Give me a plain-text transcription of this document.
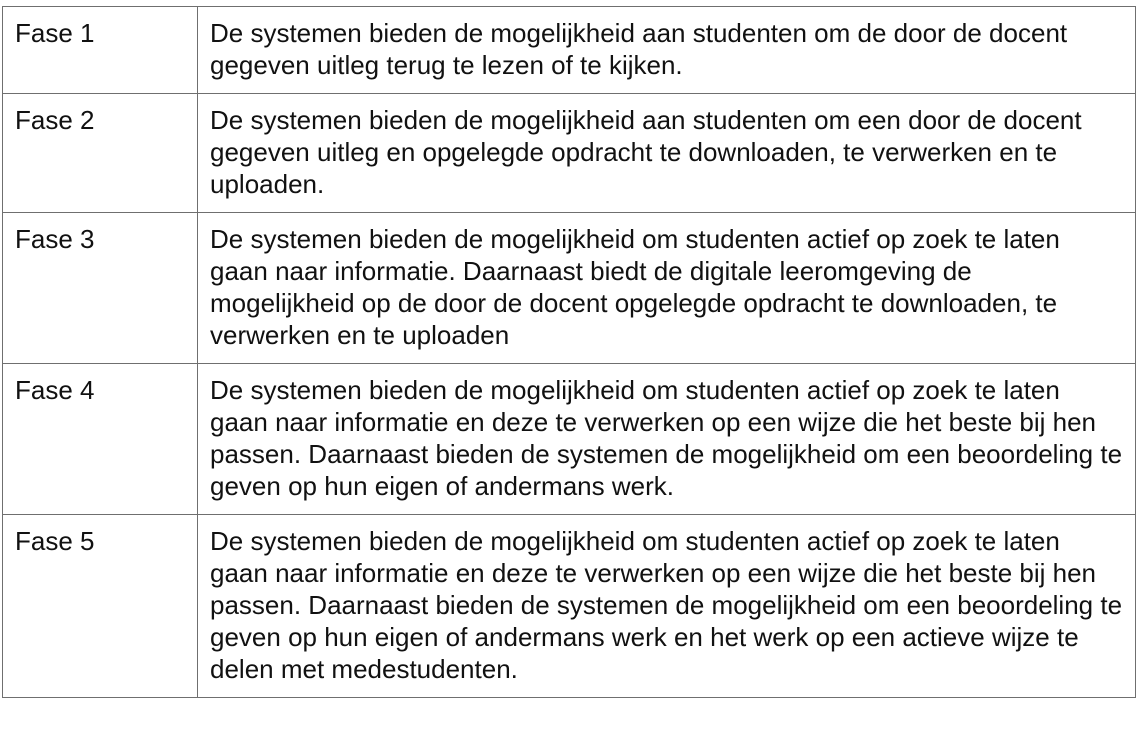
Fase 1	De systemen bieden de mogelijkheid aan studenten om de door de docent gegeven uitleg terug te lezen of te kijken.
Fase 2	De systemen bieden de mogelijkheid aan studenten om een door de docent gegeven uitleg en opgelegde opdracht te downloaden, te verwerken en te uploaden.
Fase 3	De systemen bieden de mogelijkheid om studenten actief op zoek te laten gaan naar informatie. Daarnaast biedt de digitale leeromgeving de mogelijkheid op de door de docent opgelegde opdracht te downloaden, te verwerken en te uploaden
Fase 4	De systemen bieden de mogelijkheid om studenten actief op zoek te laten gaan naar informatie en deze te verwerken op een wijze die het beste bij hen passen. Daarnaast bieden de systemen de mogelijkheid om een beoordeling te geven op hun eigen of andermans werk.
Fase 5	De systemen bieden de mogelijkheid om studenten actief op zoek te laten gaan naar informatie en deze te verwerken op een wijze die het beste bij hen passen. Daarnaast bieden de systemen de mogelijkheid om een beoordeling te geven op hun eigen of andermans werk en het werk op een actieve wijze te delen met medestudenten.
